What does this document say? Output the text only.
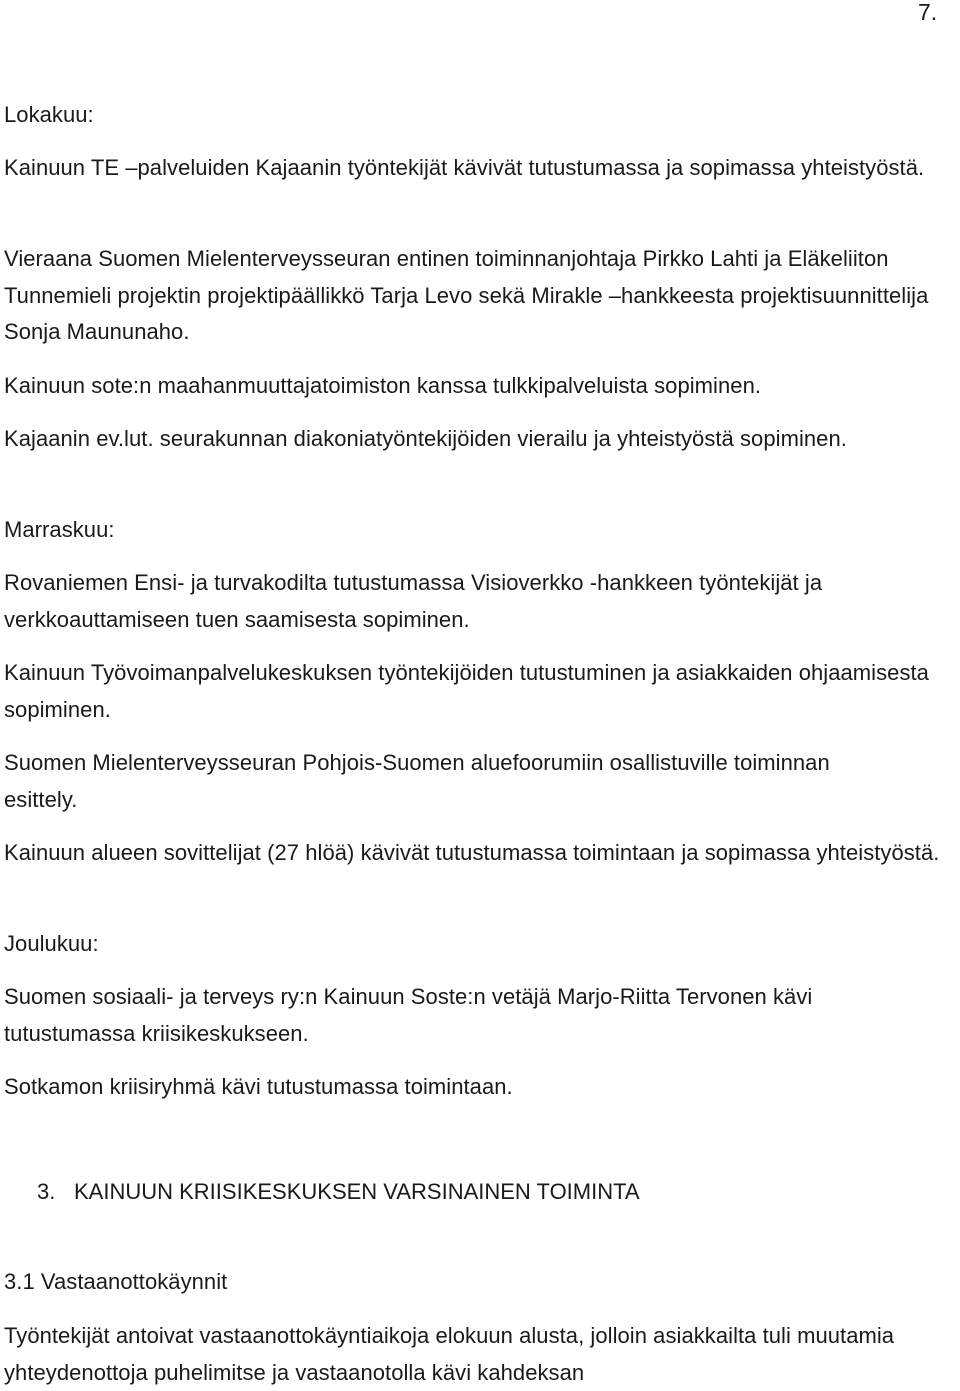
7.

Lokakuu:

Kainuun TE –palveluiden Kajaanin työntekijät kävivät tutustumassa ja sopimassa yhteistyöstä.

Vieraana Suomen Mielenterveysseuran entinen toiminnanjohtaja Pirkko Lahti ja Eläkeliiton Tunnemieli projektin projektipäällikkö Tarja Levo sekä Mirakle –hankkeesta projektisuunnittelija Sonja Maununaho.

Kainuun sote:n maahanmuuttajatoimiston kanssa tulkkipalveluista sopiminen.

Kajaanin ev.lut. seurakunnan diakoniatyöntekijöiden vierailu ja yhteistyöstä sopiminen.

Marraskuu:

Rovaniemen Ensi- ja turvakodilta tutustumassa Visioverkko -hankkeen työntekijät ja verkkoauttamiseen tuen saamisesta sopiminen.

Kainuun Työvoimanpalvelukeskuksen työntekijöiden tutustuminen ja asiakkaiden ohjaamisesta sopiminen.

Suomen Mielenterveysseuran Pohjois-Suomen aluefoorumiin osallistuville toiminnan esittely.

Kainuun alueen sovittelijat (27 hlöä) kävivät tutustumassa toimintaan ja sopimassa yhteistyöstä.

Joulukuu:

Suomen sosiaali- ja terveys ry:n Kainuun Soste:n vetäjä Marjo-Riitta Tervonen kävi tutustumassa kriisikeskukseen.

Sotkamon kriisiryhmä kävi tutustumassa toimintaan.

3. KAINUUN KRIISIKESKUKSEN VARSINAINEN TOIMINTA

3.1 Vastaanottokäynnit

Työntekijät antoivat vastaanottokäyntiaikoja elokuun alusta, jolloin asiakkailta tuli muutamia yhteydenottoja puhelimitse ja vastaanotolla kävi kahdeksan
